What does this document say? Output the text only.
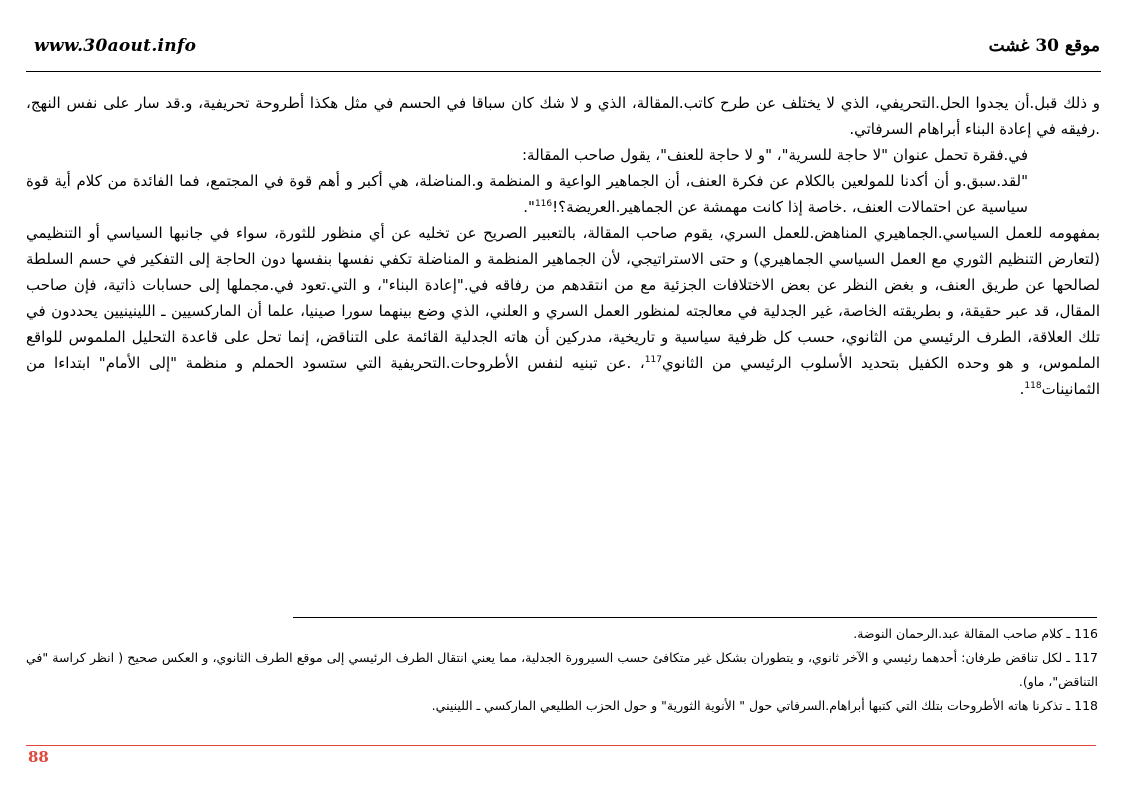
www.30aout.info	موقع 30 غشت

و ذلك قبل.أن يجدوا الحل.التحريفي، الذي لا يختلف عن طرح كاتب.المقالة، الذي و لا شك كان سباقا في الحسم في مثل هكذا أطروحة تحريفية، و.قد سار على نفس النهج، .رفيقه في إعادة البناء أبراهام السرفاتي.

في.فقرة تحمل عنوان "لا حاجة للسرية"، "و لا حاجة للعنف"، يقول صاحب المقالة:

"لقد.سبق.و أن أكدنا للمولعين بالكلام عن فكرة العنف، أن الجماهير الواعية و المنظمة و.المناضلة، هي أكبر و أهم قوة في المجتمع، فما الفائدة من كلام أية قوة سياسية عن احتمالات العنف، .خاصة إذا كانت مهمشة عن الجماهير.العريضة؟!$^{116}$".

بمفهومه للعمل السياسي.الجماهيري المناهض.للعمل السري، يقوم صاحب المقالة، بالتعبير الصريح عن تخليه عن أي منظور للثورة، سواء في جانبها السياسي أو التنظيمي (لتعارض التنظيم الثوري مع العمل السياسي الجماهيري) و حتى الاستراتيجي، لأن الجماهير المنظمة و المناضلة تكفي نفسها بنفسها دون الحاجة إلى التفكير في حسم السلطة لصالحها عن طريق العنف، و بغض النظر عن بعض الاختلافات الجزئية مع من انتقدهم من رفاقه في."إعادة البناء"، و التي.تعود في.مجملها إلى حسابات ذاتية، فإن صاحب المقال، قد عبر حقيقة، و بطريقته الخاصة، غير الجدلية في معالجته لمنظور العمل السري و العلني، الذي وضع بينهما سورا صينيا، علما أن الماركسيين ـ اللينينيين يحددون في تلك العلاقة، الطرف الرئيسي من الثانوي، حسب كل ظرفية سياسية و تاريخية، مدركين أن هاته الجدلية القائمة على التناقض، إنما تحل على قاعدة التحليل الملموس للواقع الملموس، و هو وحده الكفيل بتحديد الأسلوب الرئيسي من الثانوي$^{117}$، .عن تبنيه لنفس الأطروحات.التحريفية التي ستسود الحملم و منظمة "إلى الأمام" ابتداءا من الثمانينات$^{118}$.

116 ـ كلام صاحب المقالة عبد.الرحمان النوضة.

117 ـ لكل تناقض طرفان: أحدهما رئيسي و الآخر ثانوي، و يتطوران بشكل غير متكافئ حسب السيرورة الجدلية، مما يعني انتقال الطرف الرئيسي إلى موقع الطرف الثانوي، و العكس صحيح ( انظر كراسة "في التناقض"، ماو).

118 ـ تذكرنا هاته الأطروحات بتلك التي كتبها أبراهام.السرفاتي حول " الأنوية الثورية" و حول الحزب الطليعي الماركسي ـ اللينيني.

88
